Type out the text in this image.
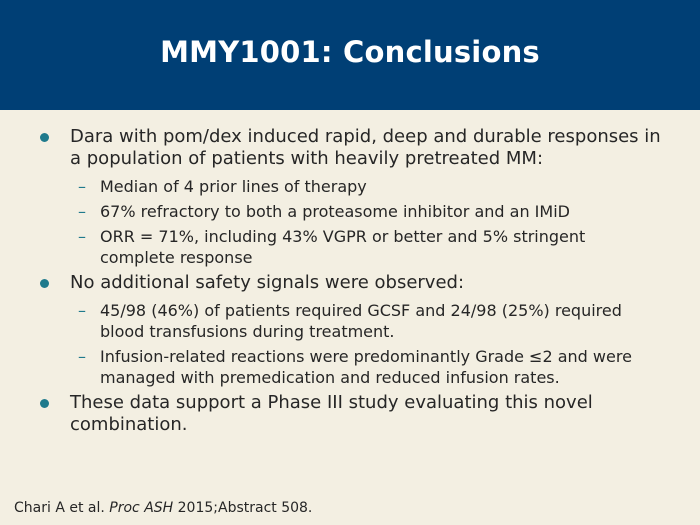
MMY1001: Conclusions
Dara with pom/dex induced rapid, deep and durable responses in a population of patients with heavily pretreated MM:
– Median of 4 prior lines of therapy
– 67% refractory to both a proteasome inhibitor and an IMiD
– ORR = 71%, including 43% VGPR or better and 5% stringent complete response
No additional safety signals were observed:
– 45/98 (46%) of patients required GCSF and 24/98 (25%) required blood transfusions during treatment.
– Infusion-related reactions were predominantly Grade ≤2 and were managed with premedication and reduced infusion rates.
These data support a Phase III study evaluating this novel combination.
Chari A et al. Proc ASH 2015;Abstract 508.
